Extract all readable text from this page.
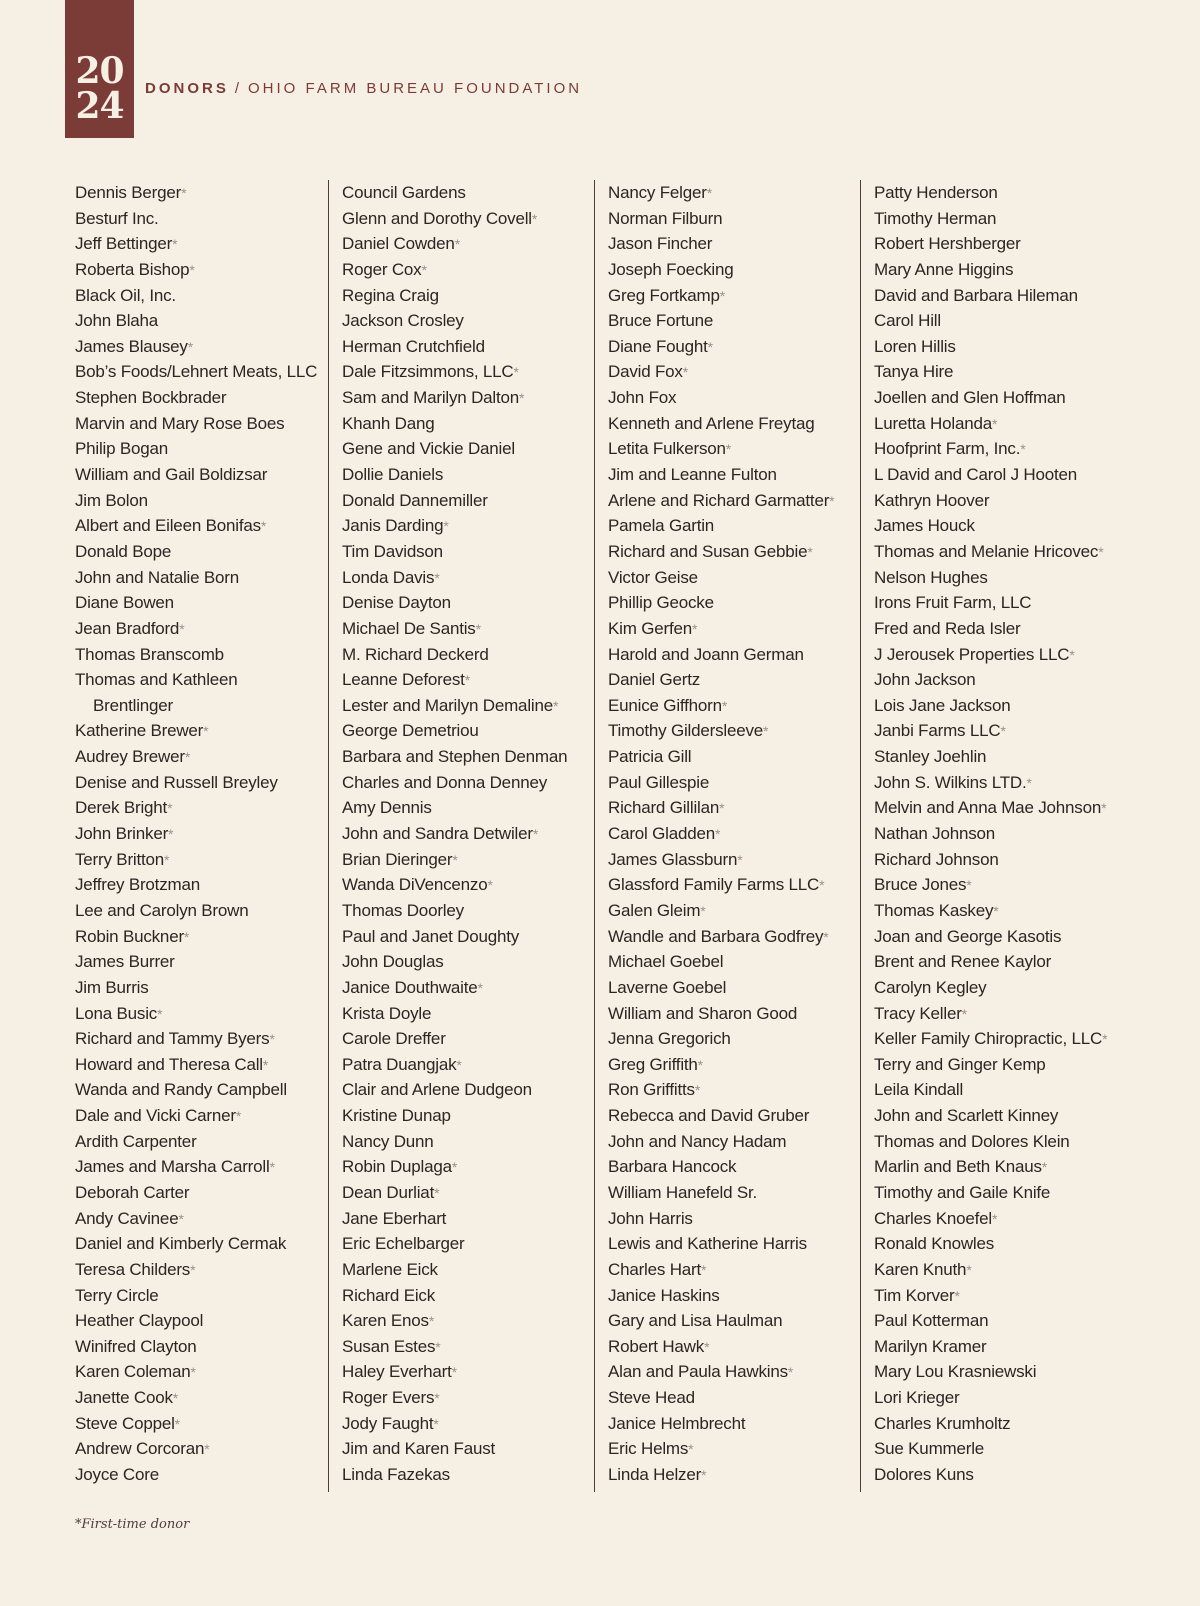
20
24 DONORS / OHIO FARM BUREAU FOUNDATION
Dennis Berger*
Besturf Inc.
Jeff Bettinger*
Roberta Bishop*
Black Oil, Inc.
John Blaha
James Blausey*
Bob’s Foods/Lehnert Meats, LLC
Stephen Bockbrader
Marvin and Mary Rose Boes
Philip Bogan
William and Gail Boldizsar
Jim Bolon
Albert and Eileen Bonifas*
Donald Bope
John and Natalie Born
Diane Bowen
Jean Bradford*
Thomas Branscomb
Thomas and Kathleen
Brentlinger
Katherine Brewer*
Audrey Brewer*
Denise and Russell Breyley
Derek Bright*
John Brinker*
Terry Britton*
Jeffrey Brotzman
Lee and Carolyn Brown
Robin Buckner*
James Burrer
Jim Burris
Lona Busic*
Richard and Tammy Byers*
Howard and Theresa Call*
Wanda and Randy Campbell
Dale and Vicki Carner*
Ardith Carpenter
James and Marsha Carroll*
Deborah Carter
Andy Cavinee*
Daniel and Kimberly Cermak
Teresa Childers*
Terry Circle
Heather Claypool
Winifred Clayton
Karen Coleman*
Janette Cook*
Steve Coppel*
Andrew Corcoran*
Joyce Core
Council Gardens
Glenn and Dorothy Covell*
Daniel Cowden*
Roger Cox*
Regina Craig
Jackson Crosley
Herman Crutchfield
Dale Fitzsimmons, LLC*
Sam and Marilyn Dalton*
Khanh Dang
Gene and Vickie Daniel
Dollie Daniels
Donald Dannemiller
Janis Darding*
Tim Davidson
Londa Davis*
Denise Dayton
Michael De Santis*
M. Richard Deckerd
Leanne Deforest*
Lester and Marilyn Demaline*
George Demetriou
Barbara and Stephen Denman
Charles and Donna Denney
Amy Dennis
John and Sandra Detwiler*
Brian Dieringer*
Wanda DiVencenzo*
Thomas Doorley
Paul and Janet Doughty
John Douglas
Janice Douthwaite*
Krista Doyle
Carole Dreffer
Patra Duangjak*
Clair and Arlene Dudgeon
Kristine Dunap
Nancy Dunn
Robin Duplaga*
Dean Durliat*
Jane Eberhart
Eric Echelbarger
Marlene Eick
Richard Eick
Karen Enos*
Susan Estes*
Haley Everhart*
Roger Evers*
Jody Faught*
Jim and Karen Faust
Linda Fazekas
Nancy Felger*
Norman Filburn
Jason Fincher
Joseph Foecking
Greg Fortkamp*
Bruce Fortune
Diane Fought*
David Fox*
John Fox
Kenneth and Arlene Freytag
Letita Fulkerson*
Jim and Leanne Fulton
Arlene and Richard Garmatter*
Pamela Gartin
Richard and Susan Gebbie*
Victor Geise
Phillip Geocke
Kim Gerfen*
Harold and Joann German
Daniel Gertz
Eunice Giffhorn*
Timothy Gildersleeve*
Patricia Gill
Paul Gillespie
Richard Gillilan*
Carol Gladden*
James Glassburn*
Glassford Family Farms LLC*
Galen Gleim*
Wandle and Barbara Godfrey*
Michael Goebel
Laverne Goebel
William and Sharon Good
Jenna Gregorich
Greg Griffith*
Ron Griffitts*
Rebecca and David Gruber
John and Nancy Hadam
Barbara Hancock
William Hanefeld Sr.
John Harris
Lewis and Katherine Harris
Charles Hart*
Janice Haskins
Gary and Lisa Haulman
Robert Hawk*
Alan and Paula Hawkins*
Steve Head
Janice Helmbrecht
Eric Helms*
Linda Helzer*
Patty Henderson
Timothy Herman
Robert Hershberger
Mary Anne Higgins
David and Barbara Hileman
Carol Hill
Loren Hillis
Tanya Hire
Joellen and Glen Hoffman
Luretta Holanda*
Hoofprint Farm, Inc.*
L David and Carol J Hooten
Kathryn Hoover
James Houck
Thomas and Melanie Hricovec*
Nelson Hughes
Irons Fruit Farm, LLC
Fred and Reda Isler
J Jerousek Properties LLC*
John Jackson
Lois Jane Jackson
Janbi Farms LLC*
Stanley Joehlin
John S. Wilkins LTD.*
Melvin and Anna Mae Johnson*
Nathan Johnson
Richard Johnson
Bruce Jones*
Thomas Kaskey*
Joan and George Kasotis
Brent and Renee Kaylor
Carolyn Kegley
Tracy Keller*
Keller Family Chiropractic, LLC*
Terry and Ginger Kemp
Leila Kindall
John and Scarlett Kinney
Thomas and Dolores Klein
Marlin and Beth Knaus*
Timothy and Gaile Knife
Charles Knoefel*
Ronald Knowles
Karen Knuth*
Tim Korver*
Paul Kotterman
Marilyn Kramer
Mary Lou Krasniewski
Lori Krieger
Charles Krumholtz
Sue Kummerle
Dolores Kuns
*First-time donor
